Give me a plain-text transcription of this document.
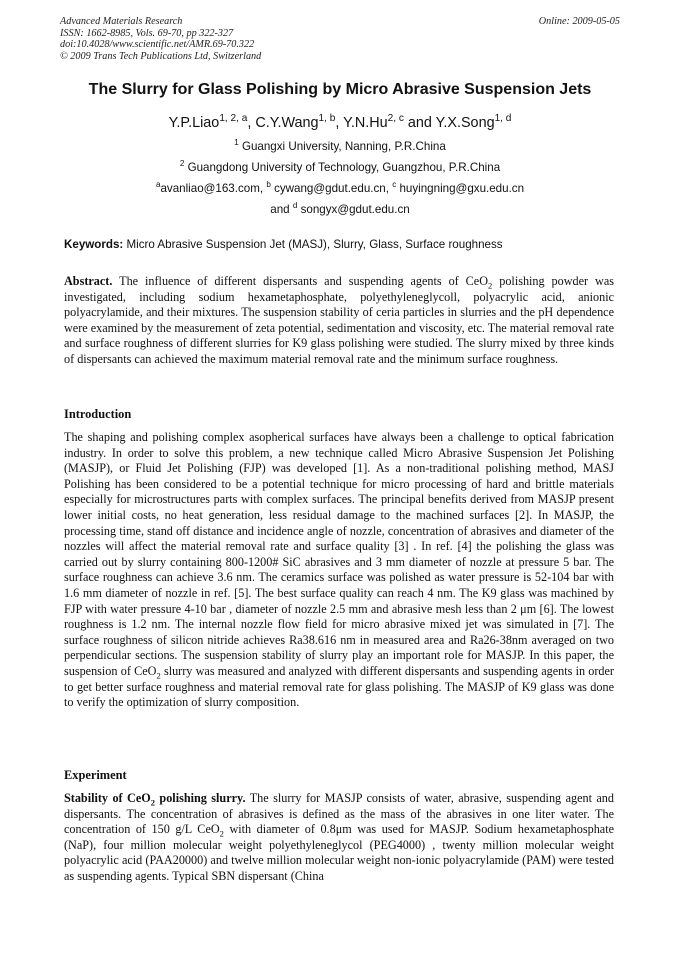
Advanced Materials Research
ISSN: 1662-8985, Vols. 69-70, pp 322-327
doi:10.4028/www.scientific.net/AMR.69-70.322
© 2009 Trans Tech Publications Ltd, Switzerland
Online: 2009-05-05
The Slurry for Glass Polishing by Micro Abrasive Suspension Jets
Y.P.Liao$^{1, 2, a}$, C.Y.Wang$^{1, b}$, Y.N.Hu$^{2, c}$ and Y.X.Song$^{1, d}$
$^1$ Guangxi University, Nanning, P.R.China
$^2$ Guangdong University of Technology, Guangzhou, P.R.China
$^a$avanliao@163.com, $^b$ cywang@gdut.edu.cn, $^c$ huyingning@gxu.edu.cn
and $^d$ songyx@gdut.edu.cn
Keywords: Micro Abrasive Suspension Jet (MASJ), Slurry, Glass, Surface roughness
Abstract. The influence of different dispersants and suspending agents of CeO$_2$ polishing powder was investigated, including sodium hexametaphosphate, polyethyleneglycoll, polyacrylic acid, anionic polyacrylamide, and their mixtures. The suspension stability of ceria particles in slurries and the pH dependence were examined by the measurement of zeta potential, sedimentation and viscosity, etc. The material removal rate and surface roughness of different slurries for K9 glass polishing were studied. The slurry mixed by three kinds of dispersants can achieved the maximum material removal rate and the minimum surface roughness.
Introduction
The shaping and polishing complex asopherical surfaces have always been a challenge to optical fabrication industry. In order to solve this problem, a new technique called Micro Abrasive Suspension Jet Polishing (MASJP), or Fluid Jet Polishing (FJP) was developed [1]. As a non-traditional polishing method, MASJ Polishing has been considered to be a potential technique for micro processing of hard and brittle materials especially for microstructures parts with complex surfaces. The principal benefits derived from MASJP present lower initial costs, no heat generation, less residual damage to the machined surfaces [2]. In MASJP, the processing time, stand off distance and incidence angle of nozzle, concentration of abrasives and diameter of the nozzles will affect the material removal rate and surface quality [3] . In ref. [4] the polishing the glass was carried out by slurry containing 800-1200# SiC abrasives and 3 mm diameter of nozzle at pressure 5 bar. The surface roughness can achieve 3.6 nm. The ceramics surface was polished as water pressure is 52-104 bar with 1.6 mm diameter of nozzle in ref. [5]. The best surface quality can reach 4 nm. The K9 glass was machined by FJP with water pressure 4-10 bar , diameter of nozzle 2.5 mm and abrasive mesh less than 2 μm [6]. The lowest roughness is 1.2 nm. The internal nozzle flow field for micro abrasive mixed jet was simulated in [7]. The surface roughness of silicon nitride achieves Ra38.616 nm in measured area and Ra26-38nm averaged on two perpendicular sections. The suspension stability of slurry play an important role for MASJP. In this paper, the suspension of CeO$_2$ slurry was measured and analyzed with different dispersants and suspending agents in order to get better surface roughness and material removal rate for glass polishing. The MASJP of K9 glass was done to verify the optimization of slurry composition.
Experiment
Stability of CeO$_2$ polishing slurry. The slurry for MASJP consists of water, abrasive, suspending agent and dispersants. The concentration of abrasives is defined as the mass of the abrasives in one liter water. The concentration of 150 g/L CeO$_2$ with diameter of 0.8μm was used for MASJP. Sodium hexametaphosphate (NaP), four million molecular weight polyethyleneglycol (PEG4000) , twenty million molecular weight polyacrylic acid (PAA20000) and twelve million molecular weight non-ionic polyacrylamide (PAM) were tested as suspending agents. Typical SBN dispersant (China
